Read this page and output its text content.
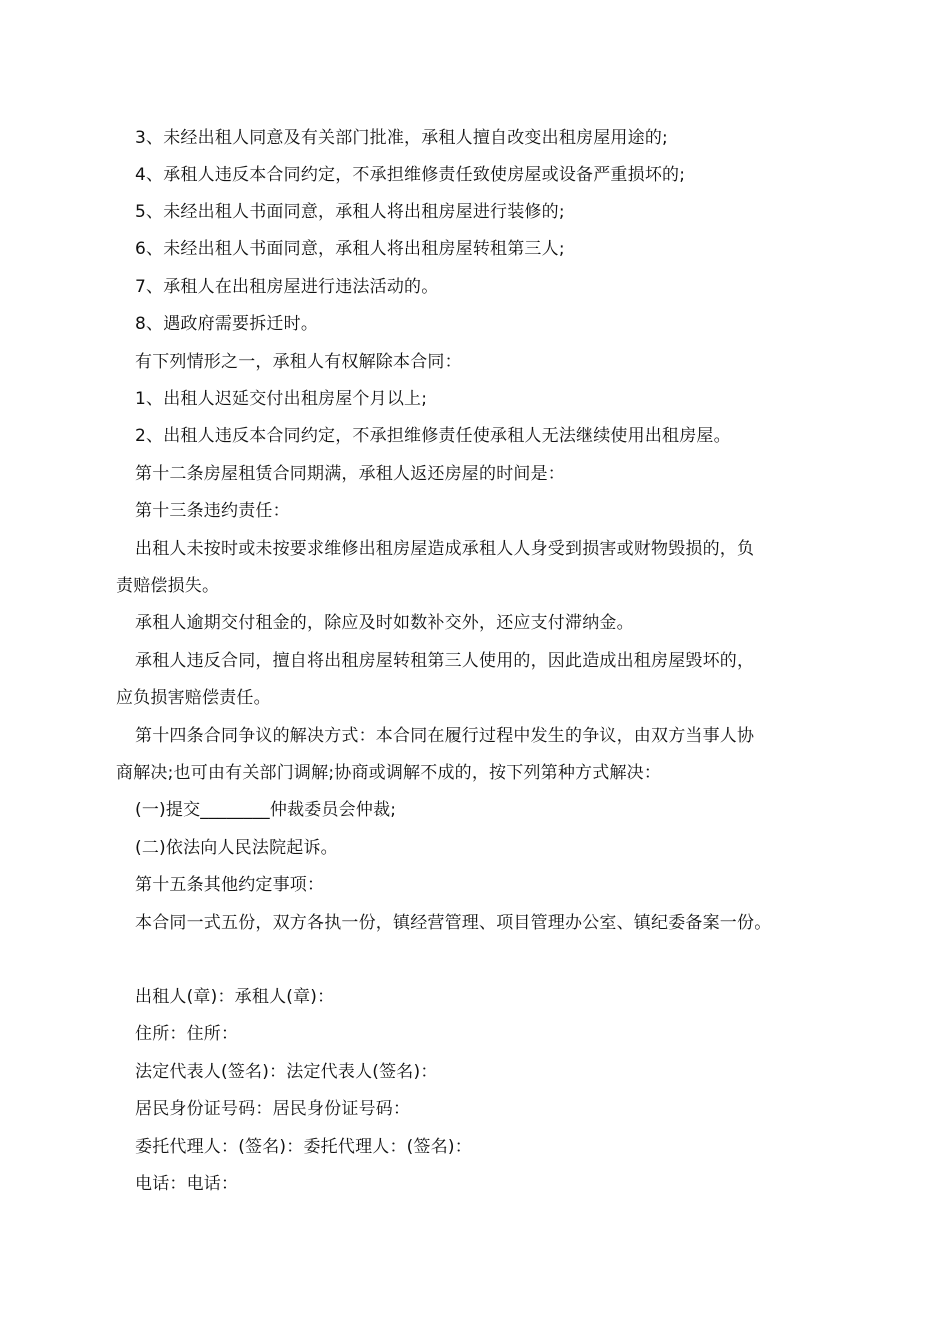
3、未经出租人同意及有关部门批准，承租人擅自改变出租房屋用途的;
4、承租人违反本合同约定，不承担维修责任致使房屋或设备严重损坏的;
5、未经出租人书面同意，承租人将出租房屋进行装修的;
6、未经出租人书面同意，承租人将出租房屋转租第三人;
7、承租人在出租房屋进行违法活动的。
8、遇政府需要拆迁时。
有下列情形之一，承租人有权解除本合同：
1、出租人迟延交付出租房屋个月以上;
2、出租人违反本合同约定，不承担维修责任使承租人无法继续使用出租房屋。
第十二条房屋租赁合同期满，承租人返还房屋的时间是：
第十三条违约责任：
出租人未按时或未按要求维修出租房屋造成承租人人身受到损害或财物毁损的，负
责赔偿损失。
承租人逾期交付租金的，除应及时如数补交外，还应支付滞纳金。
承租人违反合同，擅自将出租房屋转租第三人使用的，因此造成出租房屋毁坏的，
应负损害赔偿责任。
第十四条合同争议的解决方式：本合同在履行过程中发生的争议，由双方当事人协
商解决;也可由有关部门调解;协商或调解不成的，按下列第种方式解决：
(一)提交________仲裁委员会仲裁;
(二)依法向人民法院起诉。
第十五条其他约定事项：
本合同一式五份，双方各执一份，镇经营管理、项目管理办公室、镇纪委备案一份。
出租人(章)：承租人(章)：
住所：住所：
法定代表人(签名)：法定代表人(签名)：
居民身份证号码：居民身份证号码：
委托代理人：(签名)：委托代理人：(签名)：
电话：电话：
